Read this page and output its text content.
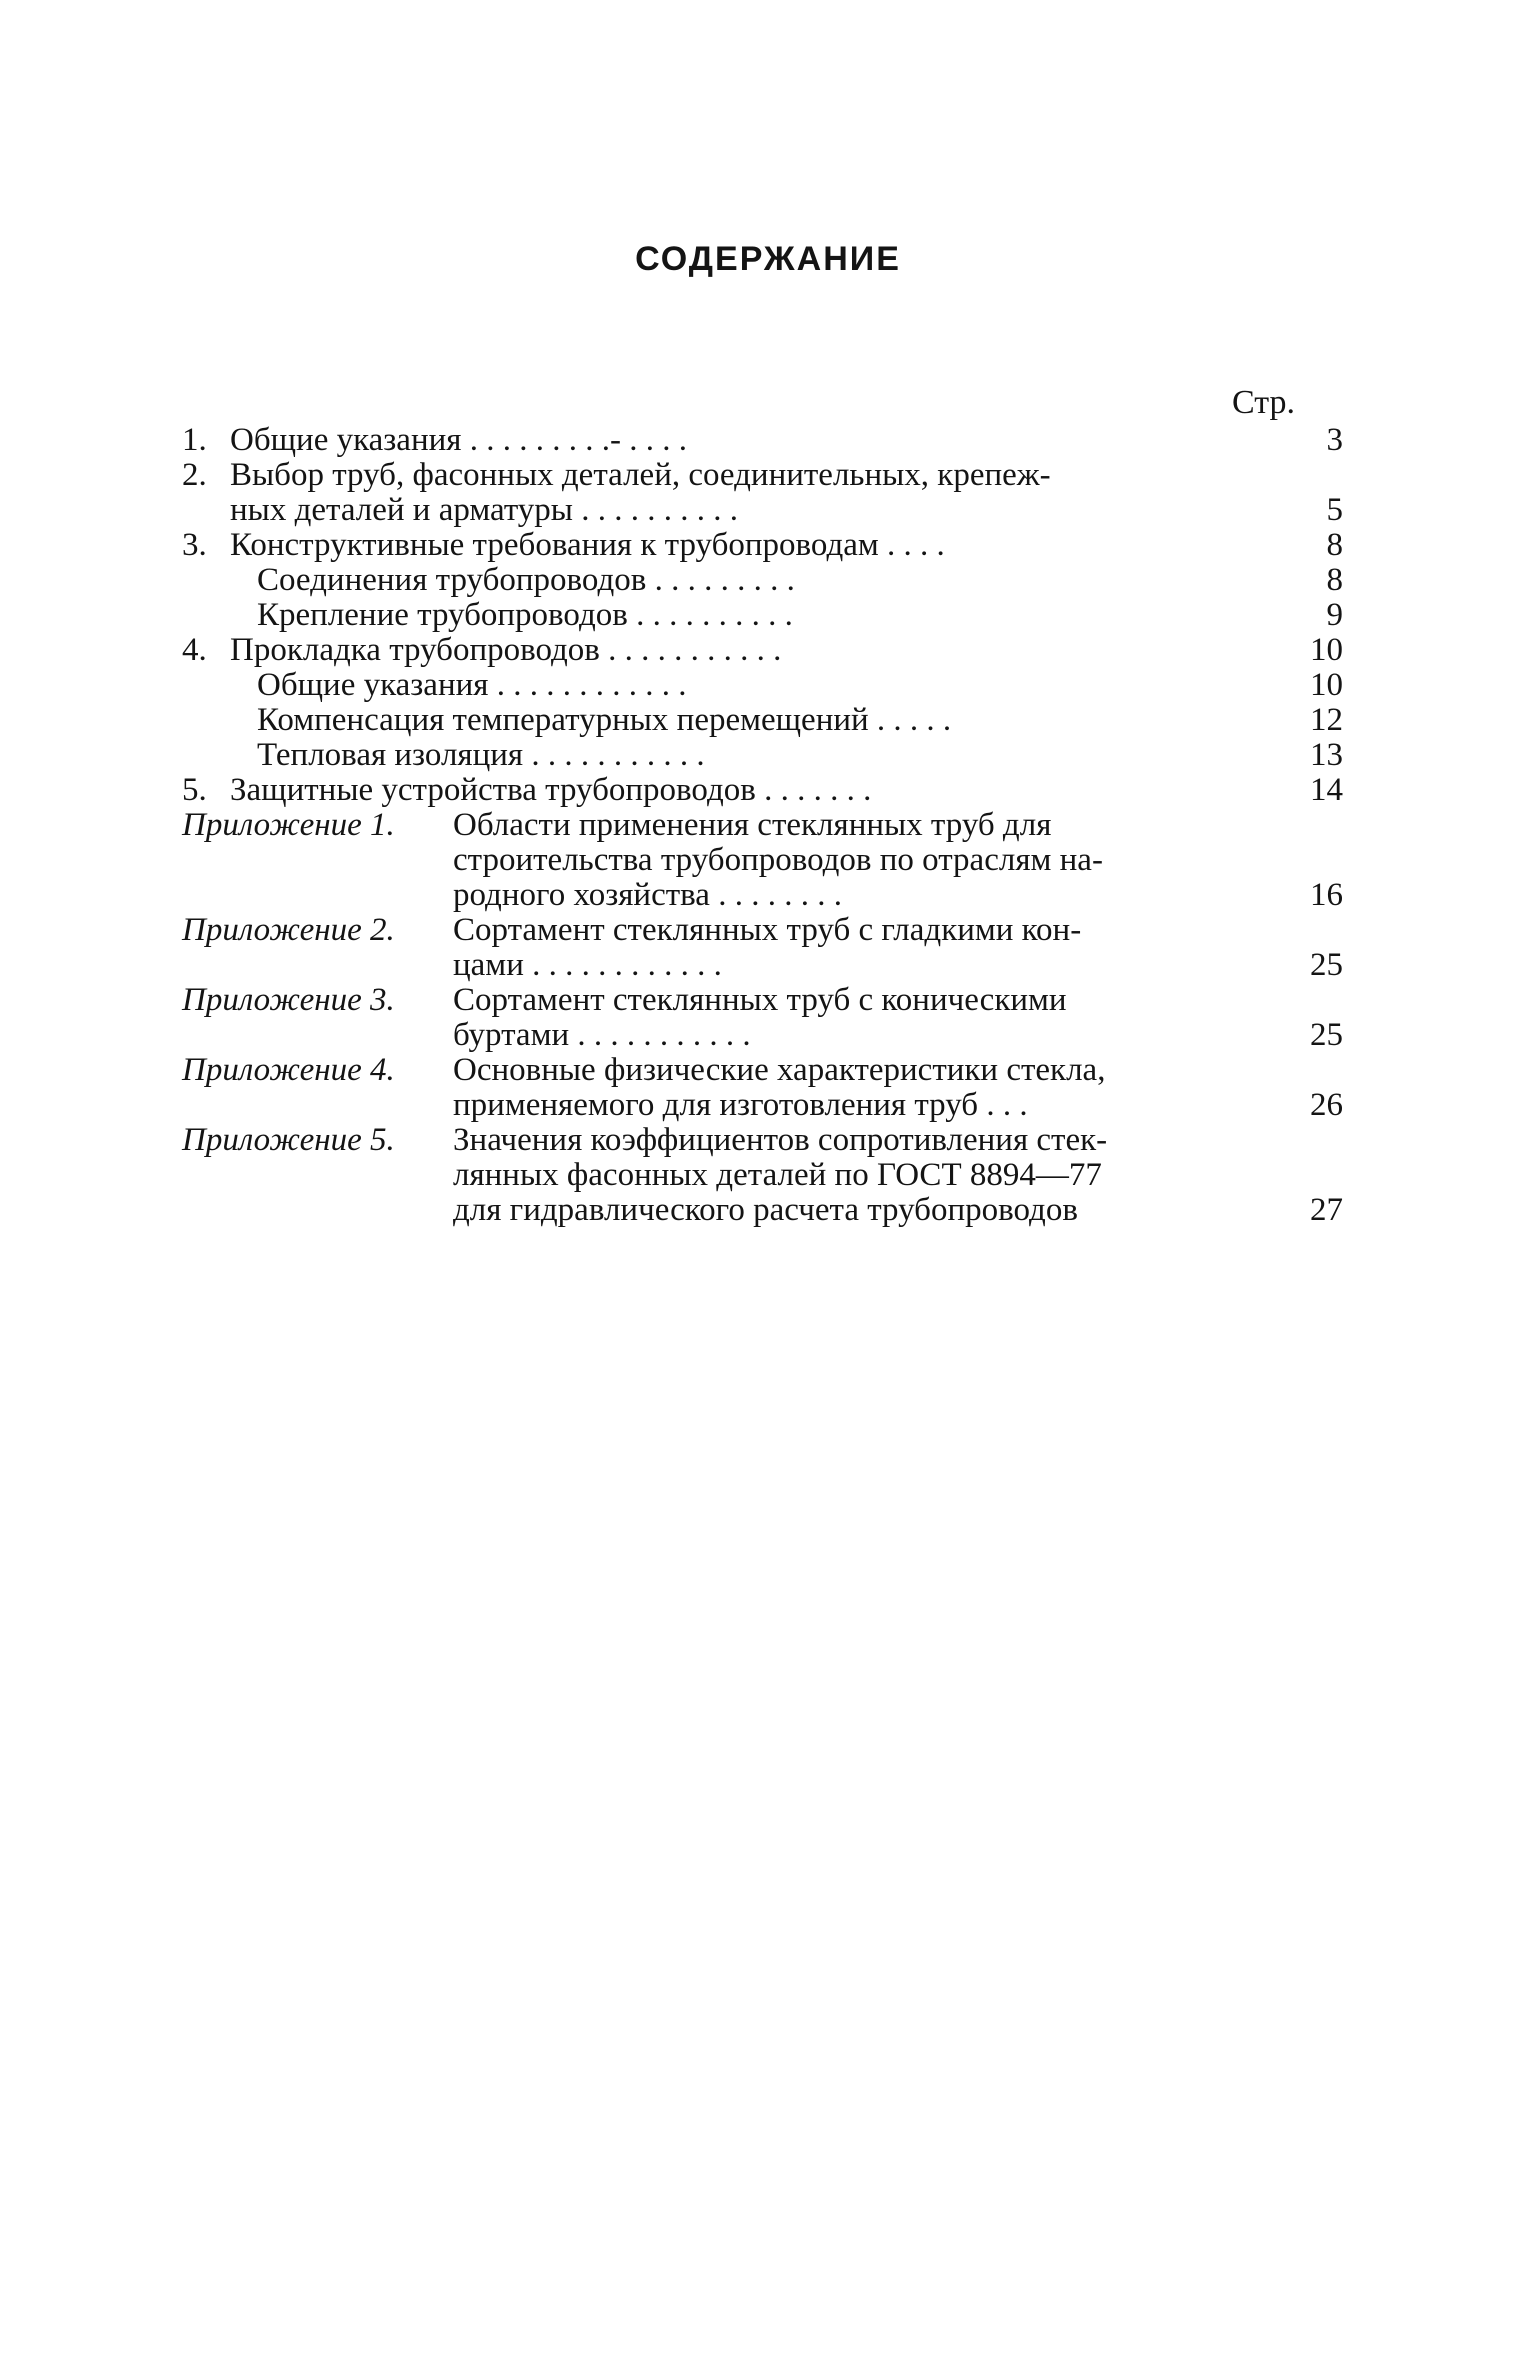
СОДЕРЖАНИЕ
Стр.
1. Общие указания . . . . . . . . .- . . . .	3
2. Выбор труб, фасонных деталей, соединительных, крепеж-
ных деталей и арматуры . . . . . . . . . .	5
3. Конструктивные требования к трубопроводам . . . .	8
Соединения трубопроводов . . . . . . . . .	8
Крепление трубопроводов . . . . . . . . . .	9
4. Прокладка трубопроводов . . . . . . . . . . .	10
Общие указания . . . . . . . . . . . .	10
Компенсация температурных перемещений . . . . .	12
Тепловая изоляция . . . . . . . . . . .	13
5. Защитные устройства трубопроводов . . . . . . .	14
Приложение 1. Области применения стеклянных труб для
строительства трубопроводов по отраслям на-
родного хозяйства . . . . . . . .	16
Приложение 2. Сортамент стеклянных труб с гладкими кон-
цами . . . . . . . . . . . .	25
Приложение 3. Сортамент стеклянных труб с коническими
буртами . . . . . . . . . . .	25
Приложение 4. Основные физические характеристики стекла,
применяемого для изготовления труб . . .	26
Приложение 5. Значения коэффициентов сопротивления стек-
лянных фасонных деталей по ГОСТ 8894—77
для гидравлического расчета трубопроводов	27
